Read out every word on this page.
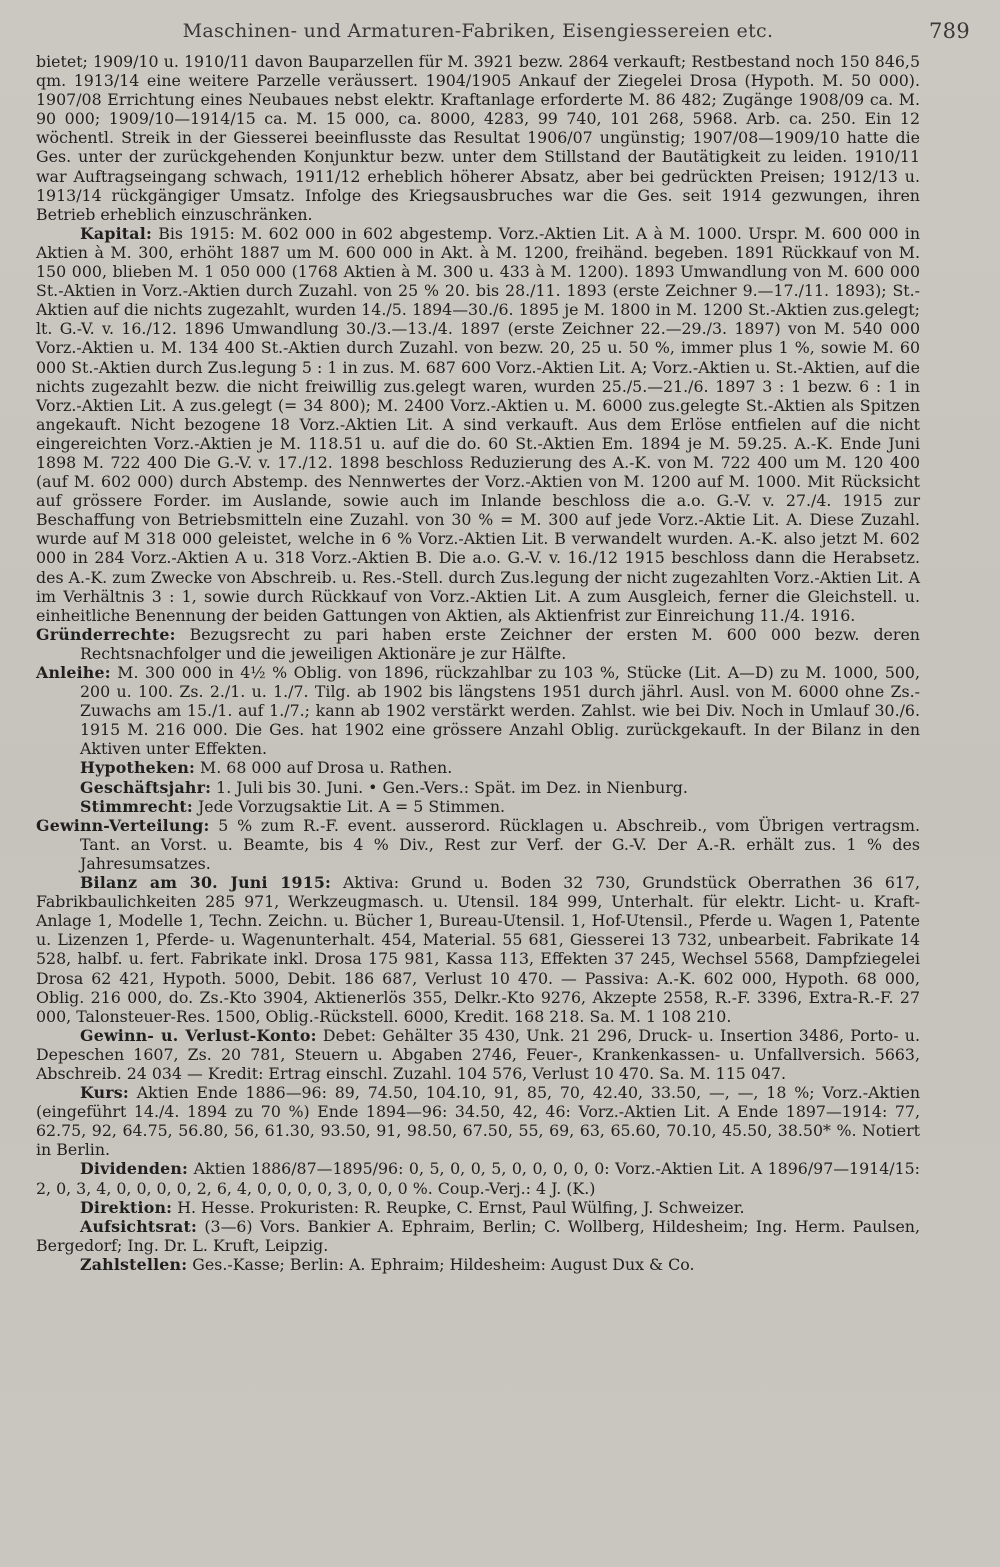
Maschinen- und Armaturen-Fabriken, Eisengiessereien etc.	789

bietet; 1909/10 u. 1910/11 davon Bauparzellen für M. 3921 bezw. 2864 verkauft; Restbestand noch 150 846,5 qm. 1913/14 eine weitere Parzelle veräussert. 1904/1905 Ankauf der Ziegelei Drosa (Hypoth. M. 50 000). 1907/08 Errichtung eines Neubaues nebst elektr. Kraftanlage erforderte M. 86 482; Zugänge 1908/09 ca. M. 90 000; 1909/10—1914/15 ca. M. 15 000, ca. 8000, 4283, 99 740, 101 268, 5968. Arb. ca. 250. Ein 12 wöchentl. Streik in der Giesserei beeinflusste das Resultat 1906/07 ungünstig; 1907/08—1909/10 hatte die Ges. unter der zurückgehenden Konjunktur bezw. unter dem Stillstand der Bautätigkeit zu leiden. 1910/11 war Auftragseingang schwach, 1911/12 erheblich höherer Absatz, aber bei gedrückten Preisen; 1912/13 u. 1913/14 rückgängiger Umsatz. Infolge des Kriegsausbruches war die Ges. seit 1914 gezwungen, ihren Betrieb erheblich einzuschränken.

Kapital: Bis 1915: M. 602 000 in 602 abgestemp. Vorz.-Aktien Lit. A à M. 1000. Urspr. M. 600 000 in Aktien à M. 300, erhöht 1887 um M. 600 000 in Akt. à M. 1200, freihänd. begeben. 1891 Rückkauf von M. 150 000, blieben M. 1 050 000 (1768 Aktien à M. 300 u. 433 à M. 1200). 1893 Umwandlung von M. 600 000 St.-Aktien in Vorz.-Aktien durch Zuzahl. von 25 % 20. bis 28./11. 1893 (erste Zeichner 9.—17./11. 1893); St.-Aktien auf die nichts zugezahlt, wurden 14./5. 1894—30./6. 1895 je M. 1800 in M. 1200 St.-Aktien zus.gelegt; lt. G.-V. v. 16./12. 1896 Umwandlung 30./3.—13./4. 1897 (erste Zeichner 22.—29./3. 1897) von M. 540 000 Vorz.-Aktien u. M. 134 400 St.-Aktien durch Zuzahl. von bezw. 20, 25 u. 50 %, immer plus 1 %, sowie M. 60 000 St.-Aktien durch Zus.legung 5 : 1 in zus. M. 687 600 Vorz.-Aktien Lit. A; Vorz.-Aktien u. St.-Aktien, auf die nichts zugezahlt bezw. die nicht freiwillig zus.gelegt waren, wurden 25./5.—21./6. 1897 3 : 1 bezw. 6 : 1 in Vorz.-Aktien Lit. A zus.gelegt (= 34 800); M. 2400 Vorz.-Aktien u. M. 6000 zus.gelegte St.-Aktien als Spitzen angekauft. Nicht bezogene 18 Vorz.-Aktien Lit. A sind verkauft. Aus dem Erlöse entfielen auf die nicht eingereichten Vorz.-Aktien je M. 118.51 u. auf die do. 60 St.-Aktien Em. 1894 je M. 59.25. A.-K. Ende Juni 1898 M. 722 400 Die G.-V. v. 17./12. 1898 beschloss Reduzierung des A.-K. von M. 722 400 um M. 120 400 (auf M. 602 000) durch Abstemp. des Nennwertes der Vorz.-Aktien von M. 1200 auf M. 1000. Mit Rücksicht auf grössere Forder. im Auslande, sowie auch im Inlande beschloss die a.o. G.-V. v. 27./4. 1915 zur Beschaffung von Betriebsmitteln eine Zuzahl. von 30 % = M. 300 auf jede Vorz.-Aktie Lit. A. Diese Zuzahl. wurde auf M 318 000 geleistet, welche in 6 % Vorz.-Aktien Lit. B verwandelt wurden. A.-K. also jetzt M. 602 000 in 284 Vorz.-Aktien A u. 318 Vorz.-Aktien B. Die a.o. G.-V. v. 16./12 1915 beschloss dann die Herabsetz. des A.-K. zum Zwecke von Abschreib. u. Res.-Stell. durch Zus.legung der nicht zugezahlten Vorz.-Aktien Lit. A im Verhältnis 3 : 1, sowie durch Rückkauf von Vorz.-Aktien Lit. A zum Ausgleich, ferner die Gleichstell. u. einheitliche Benennung der beiden Gattungen von Aktien, als Aktienfrist zur Einreichung 11./4. 1916.

Gründerrechte: Bezugsrecht zu pari haben erste Zeichner der ersten M. 600 000 bezw. deren Rechtsnachfolger und die jeweiligen Aktionäre je zur Hälfte.

Anleihe: M. 300 000 in 4½ % Oblig. von 1896, rückzahlbar zu 103 %, Stücke (Lit. A—D) zu M. 1000, 500, 200 u. 100. Zs. 2./1. u. 1./7. Tilg. ab 1902 bis längstens 1951 durch jährl. Ausl. von M. 6000 ohne Zs.-Zuwachs am 15./1. auf 1./7.; kann ab 1902 verstärkt werden. Zahlst. wie bei Div. Noch in Umlauf 30./6. 1915 M. 216 000. Die Ges. hat 1902 eine grössere Anzahl Oblig. zurückgekauft. In der Bilanz in den Aktiven unter Effekten.

Hypotheken: M. 68 000 auf Drosa u. Rathen.

Geschäftsjahr: 1. Juli bis 30. Juni. • Gen.-Vers.: Spät. im Dez. in Nienburg.

Stimmrecht: Jede Vorzugsaktie Lit. A = 5 Stimmen.

Gewinn-Verteilung: 5 % zum R.-F. event. ausserord. Rücklagen u. Abschreib., vom Übrigen vertragsm. Tant. an Vorst. u. Beamte, bis 4 % Div., Rest zur Verf. der G.-V. Der A.-R. erhält zus. 1 % des Jahresumsatzes.

Bilanz am 30. Juni 1915: Aktiva: Grund u. Boden 32 730, Grundstück Oberrathen 36 617, Fabrikbaulichkeiten 285 971, Werkzeugmasch. u. Utensil. 184 999, Unterhalt. für elektr. Licht- u. Kraft-Anlage 1, Modelle 1, Techn. Zeichn. u. Bücher 1, Bureau-Utensil. 1, Hof-Utensil., Pferde u. Wagen 1, Patente u. Lizenzen 1, Pferde- u. Wagenunterhalt. 454, Material. 55 681, Giesserei 13 732, unbearbeit. Fabrikate 14 528, halbf. u. fert. Fabrikate inkl. Drosa 175 981, Kassa 113, Effekten 37 245, Wechsel 5568, Dampfziegelei Drosa 62 421, Hypoth. 5000, Debit. 186 687, Verlust 10 470. — Passiva: A.-K. 602 000, Hypoth. 68 000, Oblig. 216 000, do. Zs.-Kto 3904, Aktienerlös 355, Delkr.-Kto 9276, Akzepte 2558, R.-F. 3396, Extra-R.-F. 27 000, Talonsteuer-Res. 1500, Oblig.-Rückstell. 6000, Kredit. 168 218. Sa. M. 1 108 210.

Gewinn- u. Verlust-Konto: Debet: Gehälter 35 430, Unk. 21 296, Druck- u. Insertion 3486, Porto- u. Depeschen 1607, Zs. 20 781, Steuern u. Abgaben 2746, Feuer-, Krankenkassen- u. Unfallversich. 5663, Abschreib. 24 034 — Kredit: Ertrag einschl. Zuzahl. 104 576, Verlust 10 470. Sa. M. 115 047.

Kurs: Aktien Ende 1886—96: 89, 74.50, 104.10, 91, 85, 70, 42.40, 33.50, —, —, 18 %; Vorz.-Aktien (eingeführt 14./4. 1894 zu 70 %) Ende 1894—96: 34.50, 42, 46: Vorz.-Aktien Lit. A Ende 1897—1914: 77, 62.75, 92, 64.75, 56.80, 56, 61.30, 93.50, 91, 98.50, 67.50, 55, 69, 63, 65.60, 70.10, 45.50, 38.50* %. Notiert in Berlin.

Dividenden: Aktien 1886/87—1895/96: 0, 5, 0, 0, 5, 0, 0, 0, 0, 0: Vorz.-Aktien Lit. A 1896/97—1914/15: 2, 0, 3, 4, 0, 0, 0, 0, 2, 6, 4, 0, 0, 0, 0, 3, 0, 0, 0 %. Coup.-Verj.: 4 J. (K.)

Direktion: H. Hesse. Prokuristen: R. Reupke, C. Ernst, Paul Wülfing, J. Schweizer.

Aufsichtsrat: (3—6) Vors. Bankier A. Ephraim, Berlin; C. Wollberg, Hildesheim; Ing. Herm. Paulsen, Bergedorf; Ing. Dr. L. Kruft, Leipzig.

Zahlstellen: Ges.-Kasse; Berlin: A. Ephraim; Hildesheim: August Dux & Co.
